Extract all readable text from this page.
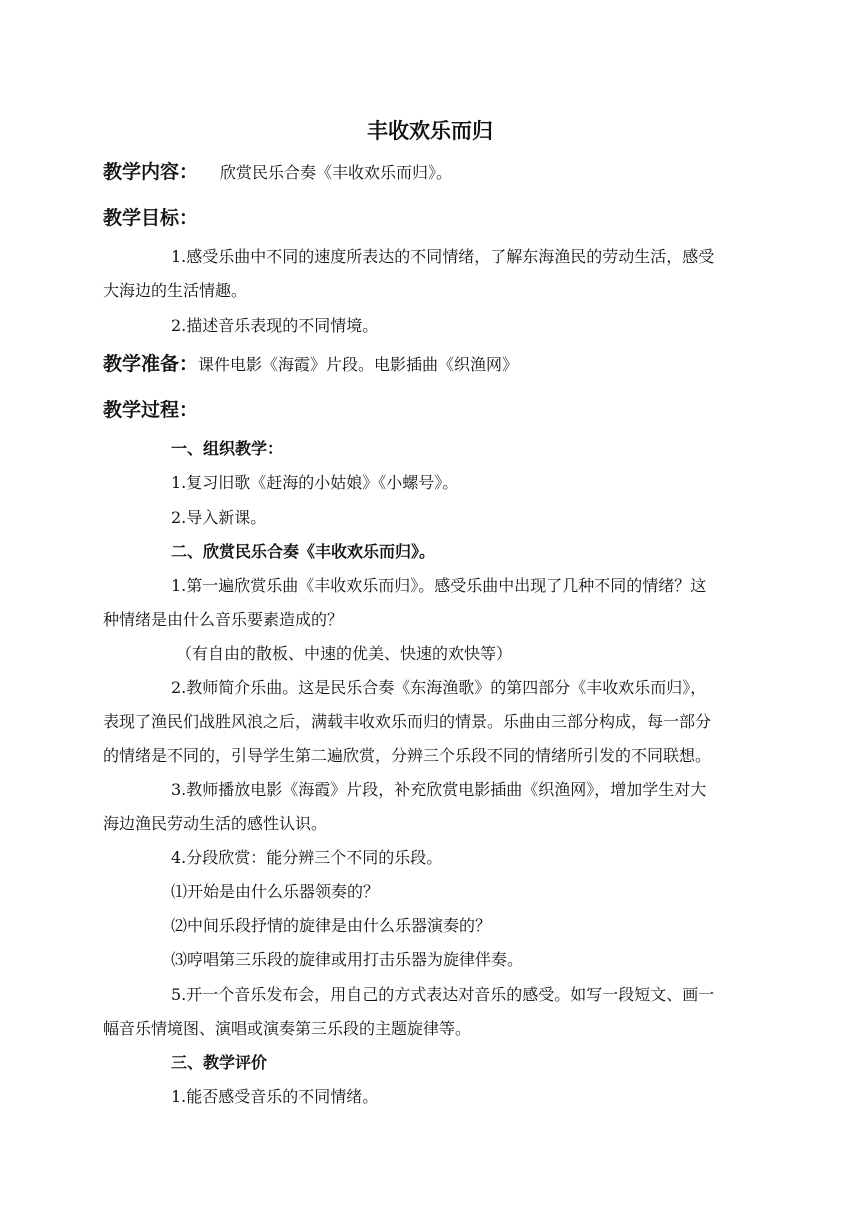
丰收欢乐而归
教学内容： 欣赏民乐合奏《丰收欢乐而归》。
教学目标：
1.感受乐曲中不同的速度所表达的不同情绪，了解东海渔民的劳动生活，感受
大海边的生活情趣。
2.描述音乐表现的不同情境。
教学准备：课件电影《海霞》片段。电影插曲《织渔网》
教学过程：
一、组织教学：
1.复习旧歌《赶海的小姑娘》《小螺号》。
2.导入新课。
二、欣赏民乐合奏《丰收欢乐而归》。
1.第一遍欣赏乐曲《丰收欢乐而归》。感受乐曲中出现了几种不同的情绪？这
种情绪是由什么音乐要素造成的？
（有自由的散板、中速的优美、快速的欢快等）
2.教师简介乐曲。这是民乐合奏《东海渔歌》的第四部分《丰收欢乐而归》，
表现了渔民们战胜风浪之后，满载丰收欢乐而归的情景。乐曲由三部分构成，每一部分
的情绪是不同的，引导学生第二遍欣赏，分辨三个乐段不同的情绪所引发的不同联想。
3.教师播放电影《海霞》片段，补充欣赏电影插曲《织渔网》，增加学生对大
海边渔民劳动生活的感性认识。
4.分段欣赏：能分辨三个不同的乐段。
⑴开始是由什么乐器领奏的？
⑵中间乐段抒情的旋律是由什么乐器演奏的？
⑶哼唱第三乐段的旋律或用打击乐器为旋律伴奏。
5.开一个音乐发布会，用自己的方式表达对音乐的感受。如写一段短文、画一
幅音乐情境图、演唱或演奏第三乐段的主题旋律等。
三、教学评价
1.能否感受音乐的不同情绪。
